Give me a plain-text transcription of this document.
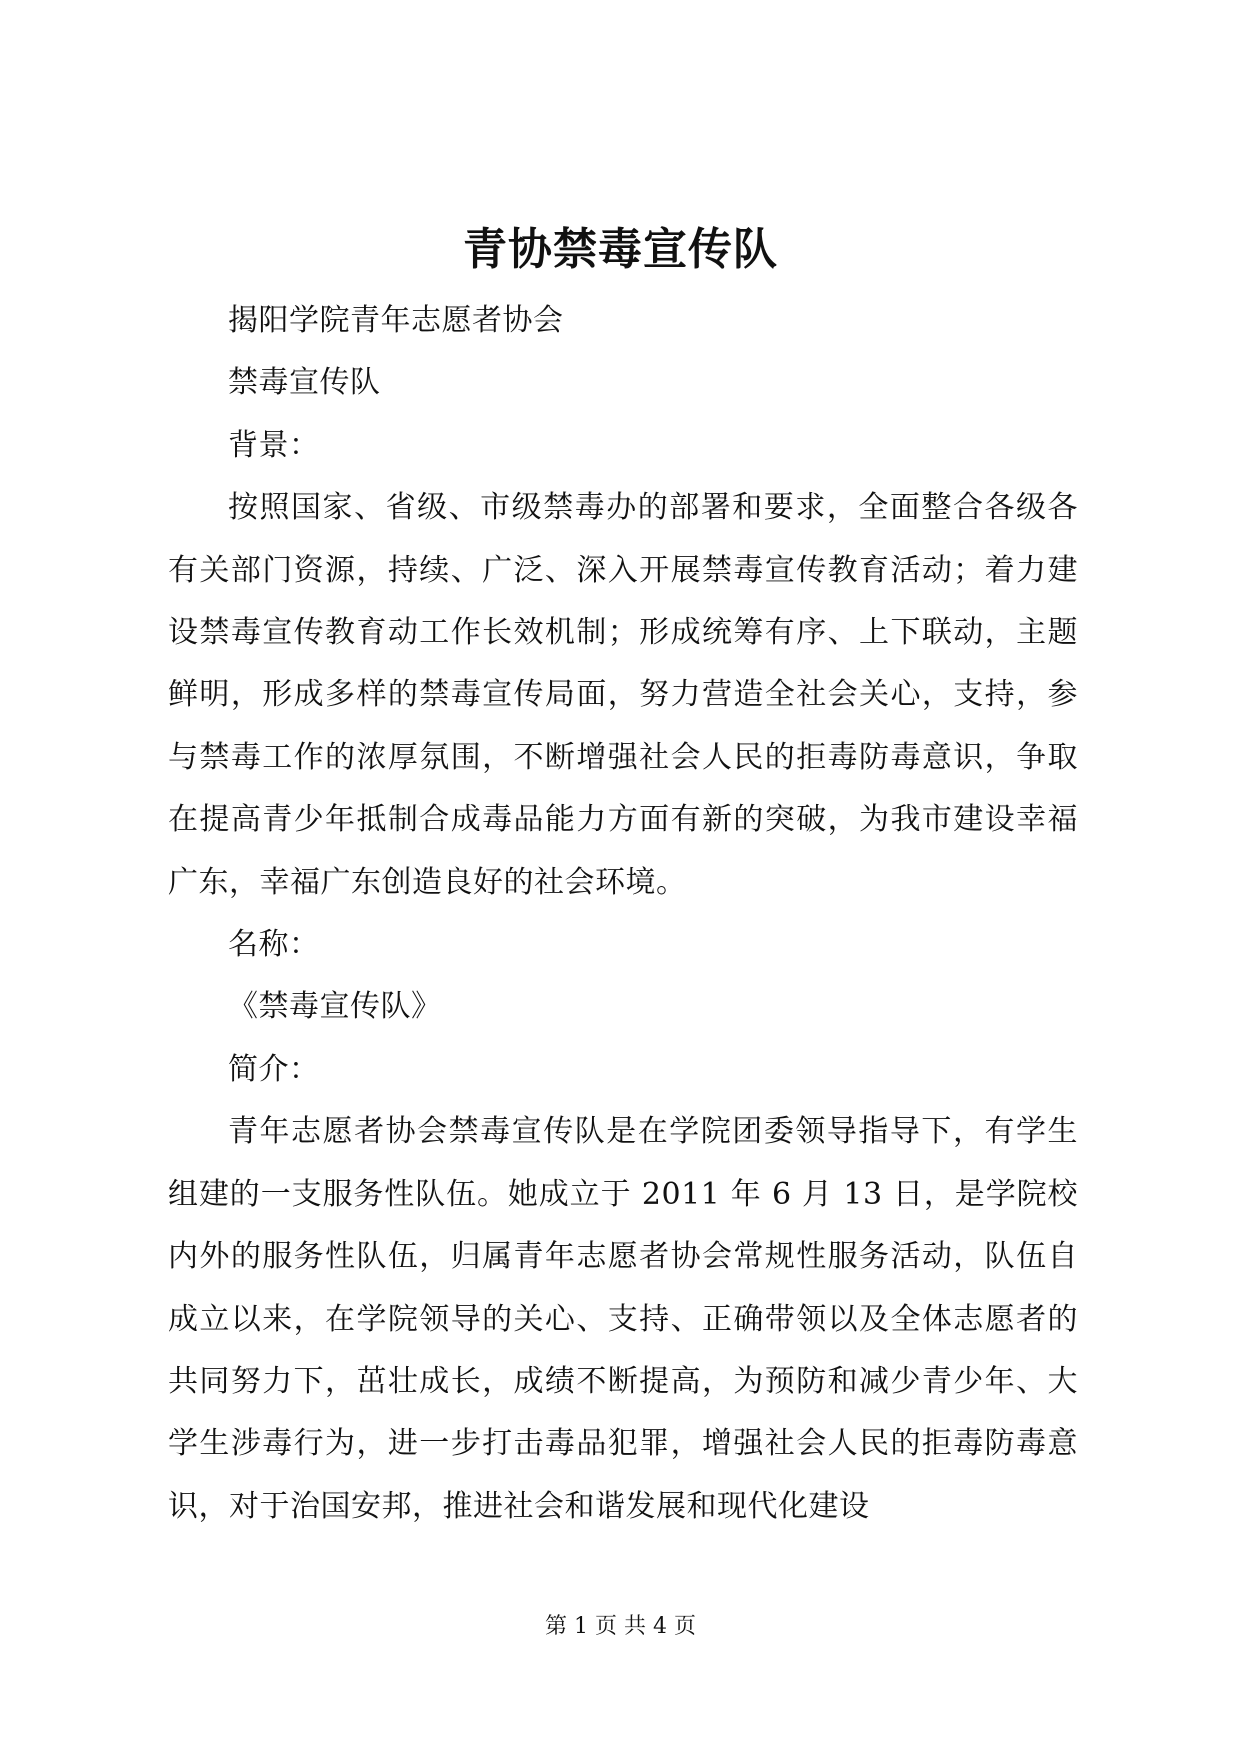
青协禁毒宣传队

揭阳学院青年志愿者协会

禁毒宣传队

背景：

按照国家、省级、市级禁毒办的部署和要求，全面整合各级各有关部门资源，持续、广泛、深入开展禁毒宣传教育活动；着力建设禁毒宣传教育动工作长效机制；形成统筹有序、上下联动，主题鲜明，形成多样的禁毒宣传局面，努力营造全社会关心，支持，参与禁毒工作的浓厚氛围，不断增强社会人民的拒毒防毒意识，争取在提高青少年抵制合成毒品能力方面有新的突破，为我市建设幸福广东，幸福广东创造良好的社会环境。

名称：

《禁毒宣传队》

简介：

青年志愿者协会禁毒宣传队是在学院团委领导指导下，有学生组建的一支服务性队伍。她成立于 2011 年 6 月 13 日，是学院校内外的服务性队伍，归属青年志愿者协会常规性服务活动，队伍自成立以来，在学院领导的关心、支持、正确带领以及全体志愿者的共同努力下，茁壮成长，成绩不断提高，为预防和减少青少年、大学生涉毒行为，进一步打击毒品犯罪，增强社会人民的拒毒防毒意识，对于治国安邦，推进社会和谐发展和现代化建设

第 1 页 共 4 页
